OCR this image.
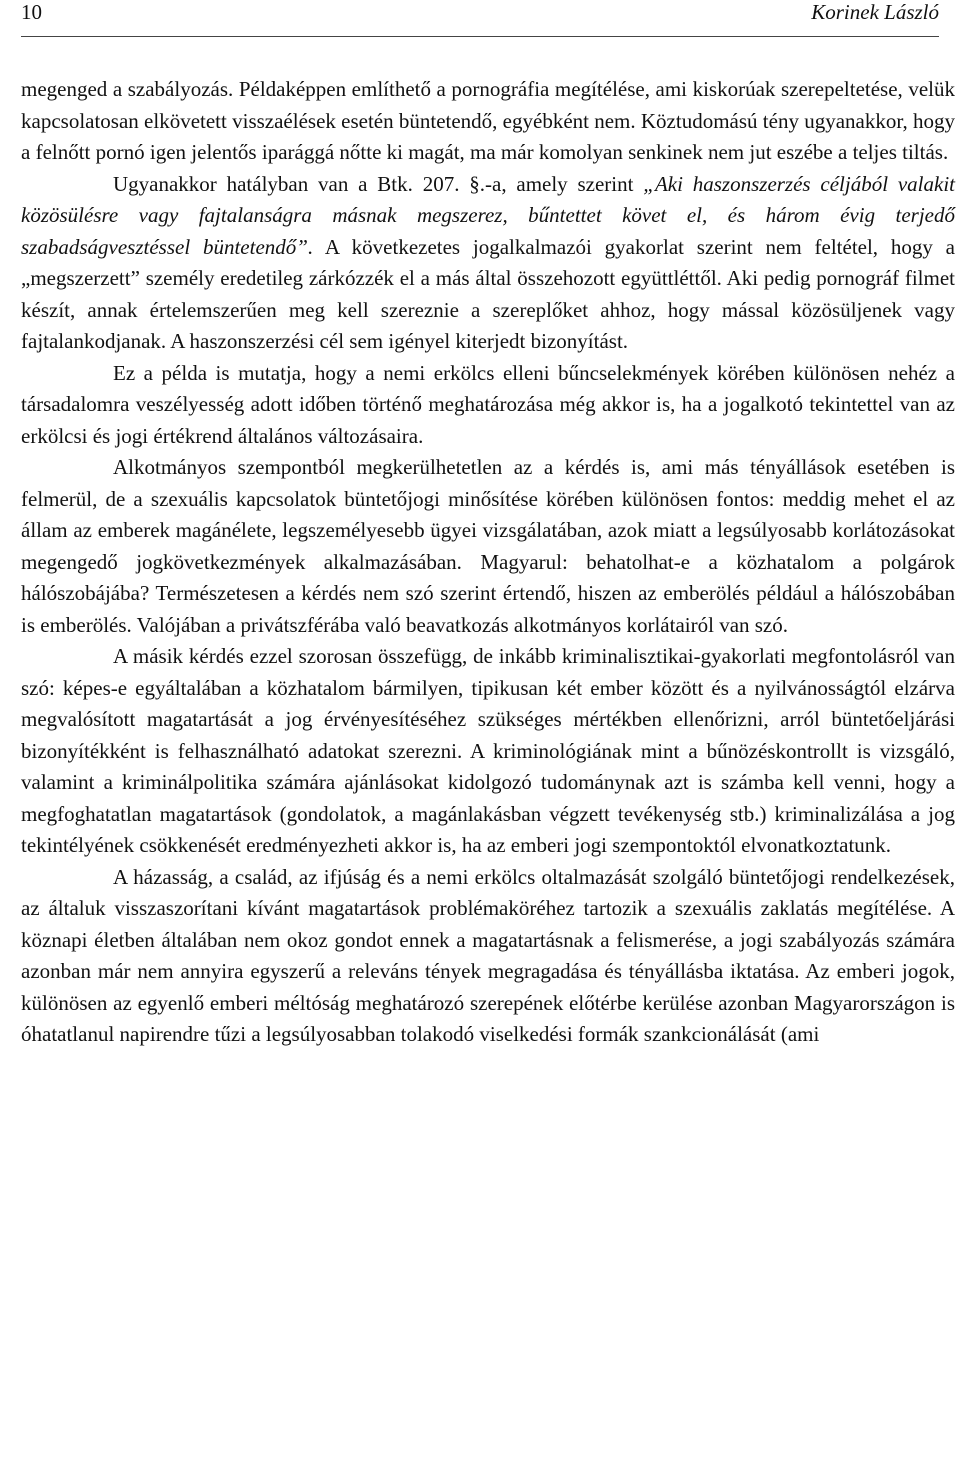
10	Korinek László

megenged a szabályozás. Példaképpen említhető a pornográfia megítélése, ami kiskorúak szerepeltetése, velük kapcsolatosan elkövetett visszaélések esetén büntetendő, egyébként nem. Köztudomású tény ugyanakkor, hogy a felnőtt pornó igen jelentős iparággá nőtte ki magát, ma már komolyan senkinek nem jut eszébe a teljes tiltás.

Ugyanakkor hatályban van a Btk. 207. §.-a, amely szerint „Aki haszonszerzés céljából valakit közösülésre vagy fajtalanságra másnak megszerez, bűntettet követ el, és három évig terjedő szabadságvesztéssel büntetendő”. A következetes jogalkalmazói gyakorlat szerint nem feltétel, hogy a „megszerzett” személy eredetileg zárkózzék el a más által összehozott együttléttől. Aki pedig pornográf filmet készít, annak értelemszerűen meg kell szereznie a szereplőket ahhoz, hogy mással közösüljenek vagy fajtalankodjanak. A haszonszerzési cél sem igényel kiterjedt bizonyítást.

Ez a példa is mutatja, hogy a nemi erkölcs elleni bűncselekmények körében különösen nehéz a társadalomra veszélyesség adott időben történő meghatározása még akkor is, ha a jogalkotó tekintettel van az erkölcsi és jogi értékrend általános változásaira.

Alkotmányos szempontból megkerülhetetlen az a kérdés is, ami más tényállások esetében is felmerül, de a szexuális kapcsolatok büntetőjogi minősítése körében különösen fontos: meddig mehet el az állam az emberek magánélete, legszemélyesebb ügyei vizsgálatában, azok miatt a legsúlyosabb korlátozásokat megengedő jogkövetkezmények alkalmazásában. Magyarul: behatolhat-e a közhatalom a polgárok hálószobájába? Természetesen a kérdés nem szó szerint értendő, hiszen az emberölés például a hálószobában is emberölés. Valójában a privátszférába való beavatkozás alkotmányos korlátairól van szó.

A másik kérdés ezzel szorosan összefügg, de inkább kriminalisztikai-gyakorlati megfontolásról van szó: képes-e egyáltalában a közhatalom bármilyen, tipikusan két ember között és a nyilvánosságtól elzárva megvalósított magatartását a jog érvényesítéséhez szükséges mértékben ellenőrizni, arról büntetőeljárási bizonyítékként is felhasználható adatokat szerezni. A kriminológiának mint a bűnözéskontrollt is vizsgáló, valamint a kriminálpolitika számára ajánlásokat kidolgozó tudománynak azt is számba kell venni, hogy a megfoghatatlan magatartások (gondolatok, a magánlakásban végzett tevékenység stb.) kriminalizálása a jog tekintélyének csökkenését eredményezheti akkor is, ha az emberi jogi szempontoktól elvonatkoztatunk.

A házasság, a család, az ifjúság és a nemi erkölcs oltalmazását szolgáló büntetőjogi rendelkezések, az általuk visszaszorítani kívánt magatartások problémaköréhez tartozik a szexuális zaklatás megítélése. A köznapi életben általában nem okoz gondot ennek a magatartásnak a felismerése, a jogi szabályozás számára azonban már nem annyira egyszerű a releváns tények megragadása és tényállásba iktatása. Az emberi jogok, különösen az egyenlő emberi méltóság meghatározó szerepének előtérbe kerülése azonban Magyarországon is óhatatlanul napirendre tűzi a legsúlyosabban tolakodó viselkedési formák szankcionálását (ami
